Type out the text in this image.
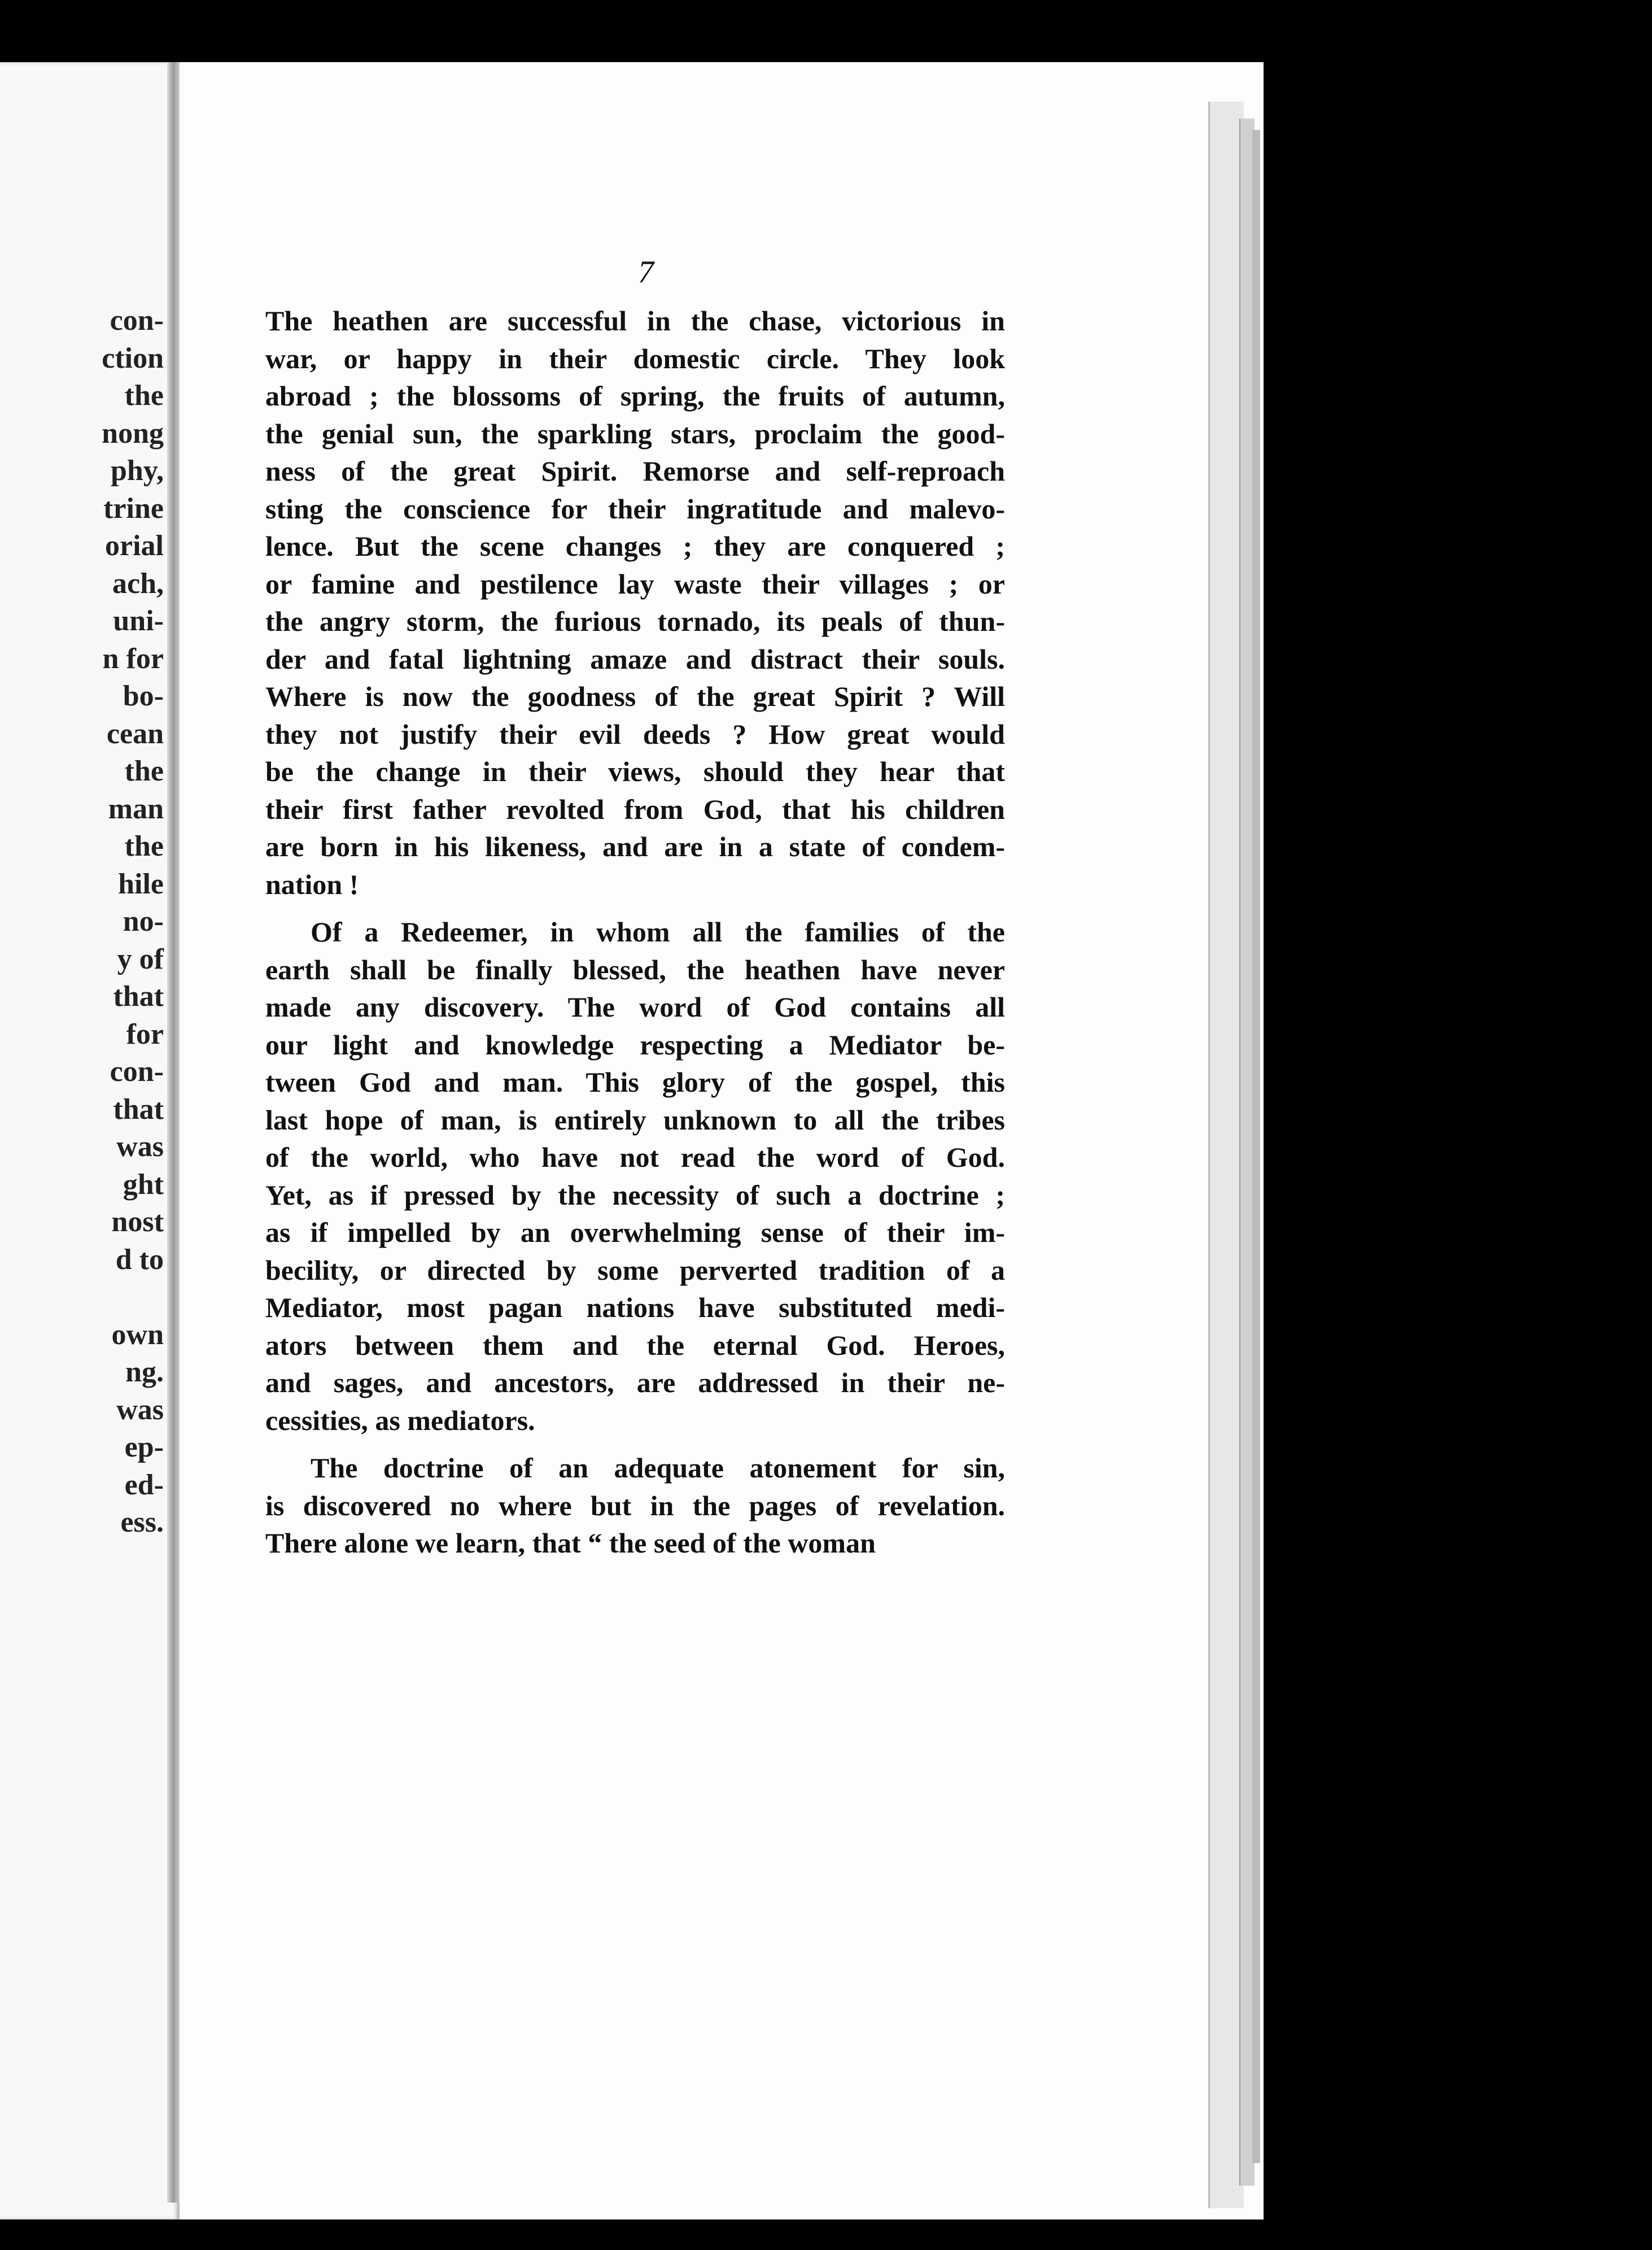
con-
ction
the
nong
phy,
trine
orial
ach,
uni-
n for
bo-
cean
the
man
the
hile
no-
y of
that
for
con-
that
was
ght
nost
d to
own
ng.
was
ep-
ed-
ess.
7
The heathen are successful in the chase, victorious in
war, or happy in their domestic circle. They look
abroad ; the blossoms of spring, the fruits of autumn,
the genial sun, the sparkling stars, proclaim the good-
ness of the great Spirit. Remorse and self-reproach
sting the conscience for their ingratitude and malevo-
lence. But the scene changes ; they are conquered ;
or famine and pestilence lay waste their villages ; or
the angry storm, the furious tornado, its peals of thun-
der and fatal lightning amaze and distract their souls.
Where is now the goodness of the great Spirit ? Will
they not justify their evil deeds ? How great would
be the change in their views, should they hear that
their first father revolted from God, that his children
are born in his likeness, and are in a state of condem-
nation !
Of a Redeemer, in whom all the families of the
earth shall be finally blessed, the heathen have never
made any discovery. The word of God contains all
our light and knowledge respecting a Mediator be-
tween God and man. This glory of the gospel, this
last hope of man, is entirely unknown to all the tribes
of the world, who have not read the word of God.
Yet, as if pressed by the necessity of such a doctrine ;
as if impelled by an overwhelming sense of their im-
becility, or directed by some perverted tradition of a
Mediator, most pagan nations have substituted medi-
ators between them and the eternal God. Heroes,
and sages, and ancestors, are addressed in their ne-
cessities, as mediators.
The doctrine of an adequate atonement for sin,
is discovered no where but in the pages of revelation.
There alone we learn, that “ the seed of the woman
